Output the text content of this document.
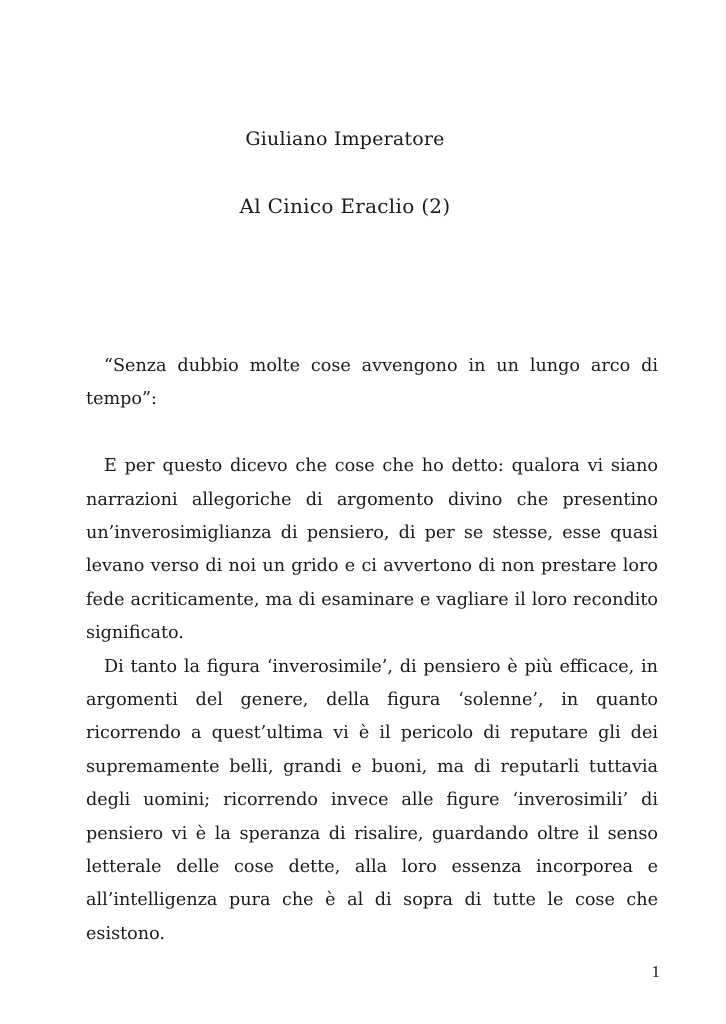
Giuliano Imperatore
Al Cinico Eraclio (2)

“Senza dubbio molte cose avvengono in un lungo arco di tempo”:

E per questo dicevo che cose che ho detto: qualora vi siano narrazioni allegoriche di argomento divino che presentino un’inverosimiglianza di pensiero, di per se stesse, esse quasi levano verso di noi un grido e ci avvertono di non prestare loro fede acriticamente, ma di esaminare e vagliare il loro recondito significato.

Di tanto la figura ‘inverosimile’, di pensiero è più efficace, in argomenti del genere, della figura ‘solenne’, in quanto ricorrendo a quest’ultima vi è il pericolo di reputare gli dei supremamente belli, grandi e buoni, ma di reputarli tuttavia degli uomini; ricorrendo invece alle figure ‘inverosimili’ di pensiero vi è la speranza di risalire, guardando oltre il senso letterale delle cose dette, alla loro essenza incorporea e all’intelligenza pura che è al di sopra di tutte le cose che esistono.

1
